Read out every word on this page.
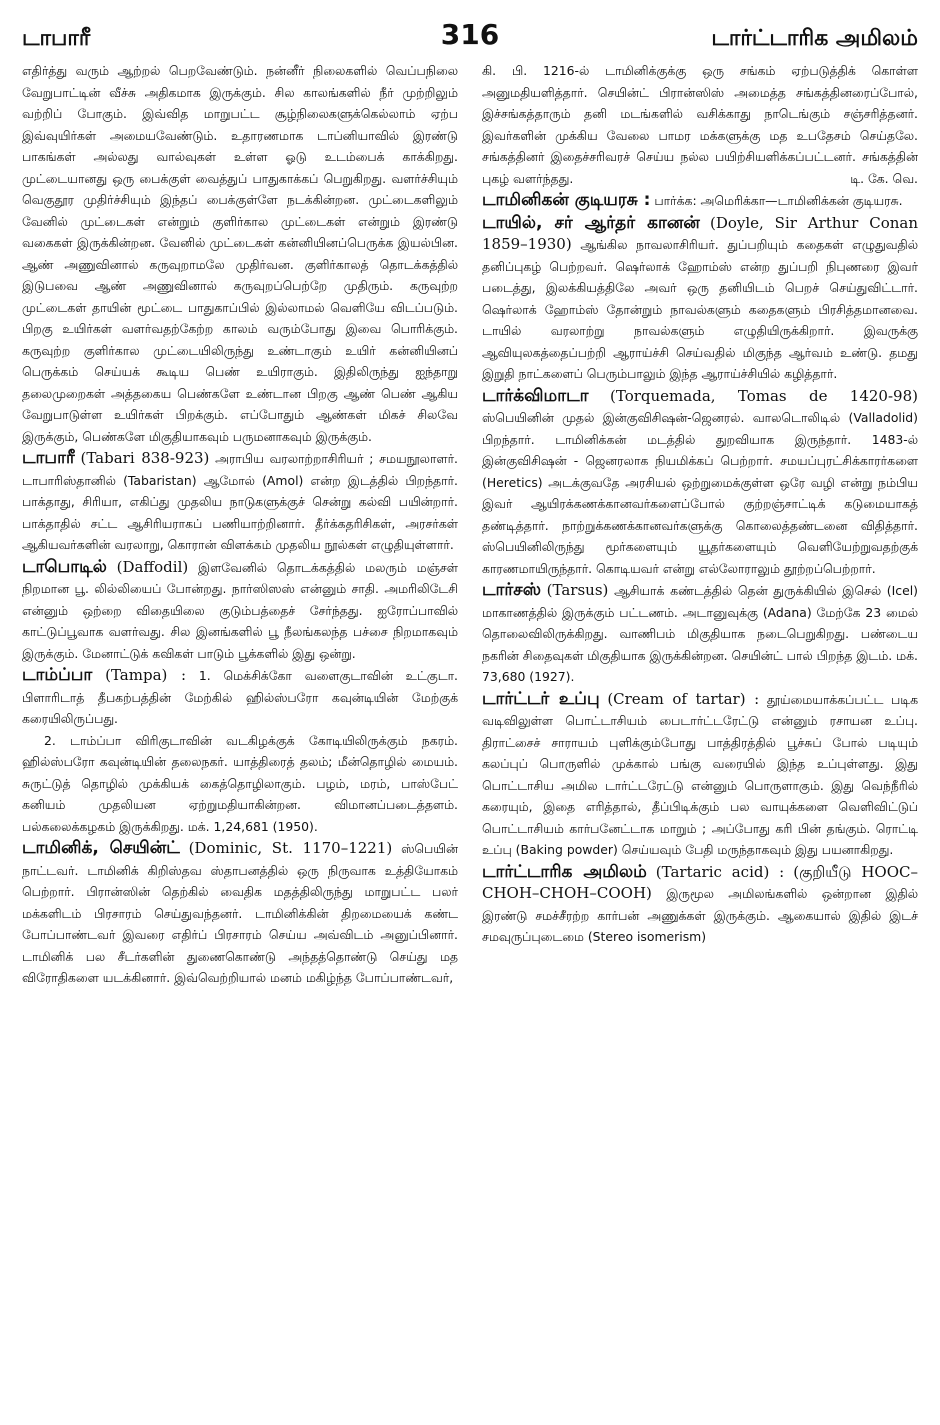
டாபாரீ	316	டார்ட்டாரிக அமிலம்

எதிர்த்து வரும் ஆற்றல் பெறவேண்டும். நன்னீர் நிலைகளில் வெப்பநிலை வேறுபாட்டின் வீச்சு அதிகமாக இருக்கும். சில காலங்களில் நீர் முற்றிலும் வற்றிப் போகும். இவ்வித மாறுபட்ட சூழ்நிலைகளுக்கெல்லாம் ஏற்ப இவ்வுயிர்கள் அமையவேண்டும். உதாரணமாக டாப்னியாவில் இரண்டு பாகங்கள் அல்லது வால்வுகள் உள்ள ஓடு உடம்பைக் காக்கிறது. முட்டையானது ஒரு பைக்குள் வைத்துப் பாதுகாக்கப் பெறுகிறது. வளர்ச்சியும் வெகுதூர முதிர்ச்சியும் இந்தப் பைக்குள்ளே நடக்கின்றன. முட்டைகளிலும் வேனில் முட்டைகள் என்றும் குளிர்கால முட்டைகள் என்றும் இரண்டு வகைகள் இருக்கின்றன. வேனில் முட்டைகள் கன்னியினப்பெருக்க இயல்பின. ஆண் அணுவினால் கருவுறாமலே முதிர்வன. குளிர்காலத் தொடக்கத்தில் இடுபவை ஆண் அணுவினால் கருவுறப்பெற்றே முதிரும். கருவுற்ற முட்டைகள் தாயின் மூட்டை பாதுகாப்பில் இல்லாமல் வெளியே விடப்படும். பிறகு உயிர்கள் வளர்வதற்கேற்ற காலம் வரும்போது இவை பொரிக்கும். கருவுற்ற குளிர்கால முட்டையிலிருந்து உண்டாகும் உயிர் கன்னியினப் பெருக்கம் செய்யக் கூடிய பெண் உயிராகும். இதிலிருந்து ஐந்தாறு தலைமுறைகள் அத்தகைய பெண்களே உண்டான பிறகு ஆண் பெண் ஆகிய வேறுபாடுள்ள உயிர்கள் பிறக்கும். எப்போதும் ஆண்கள் மிகச் சிலவே இருக்கும், பெண்களே மிகுதியாகவும் பருமனாகவும் இருக்கும்.

டாபாரீ (Tabari 838-923) அராபிய வரலாற்றாசிரியர் ; சமயநூலாளர். டாபாரிஸ்தானில் (Tabaristan) ஆமோல் (Amol) என்ற இடத்தில் பிறந்தார். பாக்தாது, சிரியா, எகிப்து முதலிய நாடுகளுக்குச் சென்று கல்வி பயின்றார். பாக்தாதில் சட்ட ஆசிரியராகப் பணியாற்றினார். தீர்க்கதரிசிகள், அரசர்கள் ஆகியவர்களின் வரலாறு, கொரான் விளக்கம் முதலிய நூல்கள் எழுதியுள்ளார்.

டாபொடில் (Daffodil) இளவேனில் தொடக்கத்தில் மலரும் மஞ்சள் நிறமான பூ. லில்லியைப் போன்றது. நார்ஸிஸஸ் என்னும் சாதி. அமரிலிடேசி என்னும் ஒற்றை விதையிலை குடும்பத்தைச் சேர்ந்தது. ஐரோப்பாவில் காட்டுப்பூவாக வளர்வது. சில இனங்களில் பூ நீலங்கலந்த பச்சை நிறமாகவும் இருக்கும். மேனாட்டுக் கவிகள் பாடும் பூக்களில் இது ஒன்று.

டாம்ப்பா (Tampa) : 1. மெக்சிக்கோ வளைகுடாவின் உட்குடா. பிளாரிடாத் தீபகற்பத்தின் மேற்கில் ஹில்ஸ்பரோ கவுன்டியின் மேற்குக் கரையிலிருப்பது.

2. டாம்ப்பா விரிகுடாவின் வடகிழக்குக் கோடியிலிருக்கும் நகரம். ஹில்ஸ்பரோ கவுன்டியின் தலைநகர். யாத்திரைத் தலம்; மீன்தொழில் மையம். சுருட்டுத் தொழில் முக்கியக் கைத்தொழிலாகும். பழம், மரம், பாஸ்பேட் கனியம் முதலியன ஏற்றுமதியாகின்றன. விமானப்படைத்தளம். பல்கலைக்கழகம் இருக்கிறது. மக். 1,24,681 (1950).

டாமினிக், செயின்ட் (Dominic, St. 1170–1221) ஸ்பெயின் நாட்டவர். டாமினிக் கிறிஸ்தவ ஸ்தாபனத்தில் ஒரு நிருவாக உத்தியோகம் பெற்றார். பிரான்ஸின் தெற்கில் வைதிக மதத்திலிருந்து மாறுபட்ட பலர் மக்களிடம் பிரசாரம் செய்துவந்தனர். டாமினிக்கின் திறமையைக் கண்ட போப்பாண்டவர் இவரை எதிர்ப் பிரசாரம் செய்ய அவ்விடம் அனுப்பினார். டாமினிக் பல சீடர்களின் துணைகொண்டு அந்தத்தொண்டு செய்து மத விரோதிகளை யடக்கினார். இவ்வெற்றியால் மனம் மகிழ்ந்த போப்பாண்டவர்,

கி. பி. 1216-ல் டாமினிக்குக்கு ஒரு சங்கம் ஏற்படுத்திக் கொள்ள அனுமதியளித்தார். செயின்ட் பிரான்ஸிஸ் அமைத்த சங்கத்தினரைப்போல், இச்சங்கத்தாரும் தனி மடங்களில் வசிக்காது நாடெங்கும் சஞ்சரித்தனர். இவர்களின் முக்கிய வேலை பாமர மக்களுக்கு மத உபதேசம் செய்தலே. சங்கத்தினர் இதைச்சரிவரச் செய்ய நல்ல பயிற்சியளிக்கப்பட்டனர். சங்கத்தின் புகழ் வளர்ந்தது.	டி. கே. வெ.

டாமினிகன் குடியரசு : பார்க்க: அமெரிக்கா—டாமினிக்கன் குடியரசு.

டாயில், சர் ஆர்தர் கானன் (Doyle, Sir Arthur Conan 1859–1930) ஆங்கில நாவலாசிரியர். துப்பறியும் கதைகள் எழுதுவதில் தனிப்புகழ் பெற்றவர். ஷெர்லாக் ஹோம்ஸ் என்ற துப்பறி நிபுணரை இவர் படைத்து, இலக்கியத்திலே அவர் ஒரு தனியிடம் பெறச் செய்துவிட்டார். ஷெர்லாக் ஹோம்ஸ் தோன்றும் நாவல்களும் கதைகளும் பிரசித்தமானவை. டாயில் வரலாற்று நாவல்களும் எழுதியிருக்கிறார். இவருக்கு ஆவியுலகத்தைப்பற்றி ஆராய்ச்சி செய்வதில் மிகுந்த ஆர்வம் உண்டு. தமது இறுதி நாட்களைப் பெரும்பாலும் இந்த ஆராய்ச்சியில் கழித்தார்.

டார்க்விமாடா (Torquemada, Tomas de 1420-98) ஸ்பெயினின் முதல் இன்குவிசிஷன்-ஜெனரல். வாலடொலிடில் (Valladolid) பிறந்தார். டாமினிக்கன் மடத்தில் துறவியாக இருந்தார். 1483-ல் இன்குவிசிஷன் - ஜெனரலாக நியமிக்கப் பெற்றார். சமயப்புரட்சிக்காரர்களை (Heretics) அடக்குவதே அரசியல் ஒற்றுமைக்குள்ள ஒரே வழி என்று நம்பிய இவர் ஆயிரக்கணக்கானவர்களைப்போல் குற்றஞ்சாட்டிக் கடுமையாகத் தண்டித்தார். நாற்றுக்கணக்கானவர்களுக்கு கொலைத்தண்டனை விதித்தார். ஸ்பெயினிலிருந்து மூர்களையும் யூதர்களையும் வெளியேற்றுவதற்குக் காரணமாயிருந்தார். கொடியவர் என்று எல்லோராலும் தூற்றப்பெற்றார்.

டார்சஸ் (Tarsus) ஆசியாக் கண்டத்தில் தென் துருக்கியில் இசெல் (Icel) மாகாணத்தில் இருக்கும் பட்டணம். அடானுவுக்கு (Adana) மேற்கே 23 மைல் தொலைவிலிருக்கிறது. வாணிபம் மிகுதியாக நடைபெறுகிறது. பண்டைய நகரின் சிதைவுகள் மிகுதியாக இருக்கின்றன. செயின்ட் பால் பிறந்த இடம். மக். 73,680 (1927).

டார்ட்டர் உப்பு (Cream of tartar) : தூய்மையாக்கப்பட்ட படிக வடிவிலுள்ள பொட்டாசியம் பைடார்ட்டரேட்டு என்னும் ரசாயன உப்பு. திராட்சைச் சாராயம் புளிக்கும்போது பாத்திரத்தில் பூச்சுப் போல் படியும் கலப்புப் பொருளில் முக்கால் பங்கு வரையில் இந்த உப்புள்ளது. இது பொட்டாசிய அமில டார்ட்டரேட்டு என்னும் பொருளாகும். இது வெந்நீரில் கரையும், இதை எரித்தால், தீப்பிடிக்கும் பல வாயுக்களை வெளிவிட்டுப் பொட்டாசியம் கார்பனேட்டாக மாறும் ; அப்போது கரி பின் தங்கும். ரொட்டி உப்பு (Baking powder) செய்யவும் பேதி மருந்தாகவும் இது பயனாகிறது.

டார்ட்டாரிக அமிலம் (Tartaric acid) : (குறியீடு HOOC–CHOH–CHOH–COOH) இருமூல அமிலங்களில் ஒன்றான இதில் இரண்டு சமச்சீரற்ற கார்பன் அணுக்கள் இருக்கும். ஆகையால் இதில் இடச் சமவுருப்புடைமை (Stereo isomerism)
